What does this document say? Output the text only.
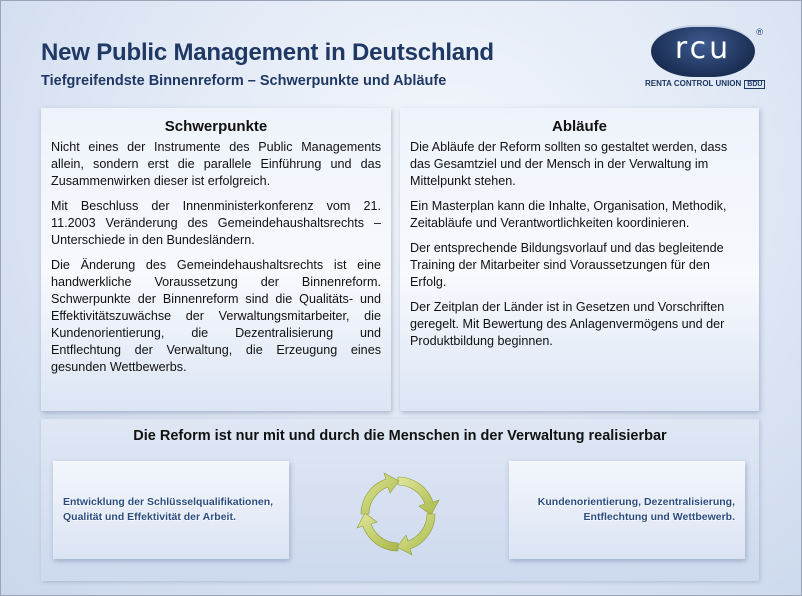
New Public Management in Deutschland
Tiefgreifendste Binnenreform – Schwerpunkte und Abläufe
rcu	®
RENTA CONTROL UNION BDU
Schwerpunkte

Nicht eines der Instrumente des Public Managements allein, sondern erst die parallele Einführung und das Zusammenwirken dieser ist erfolgreich.

Mit Beschluss der Innenministerkonferenz vom 21. 11.2003 Veränderung des Gemeindehaushaltsrechts – Unterschiede in den Bundesländern.

Die Änderung des Gemeindehaushaltsrechts ist eine handwerkliche Voraussetzung der Binnenreform. Schwerpunkte der Binnenreform sind die Qualitäts- und Effektivitätszuwächse der Verwaltungsmitarbeiter, die Kundenorientierung, die Dezentralisierung und Entflechtung der Verwaltung, die Erzeugung eines gesunden Wettbewerbs.

Abläufe

Die Abläufe der Reform sollten so gestaltet werden, dass das Gesamtziel und der Mensch in der Verwaltung im Mittelpunkt stehen.

Ein Masterplan kann die Inhalte, Organisation, Methodik, Zeitabläufe und Verantwortlichkeiten koordinieren.

Der entsprechende Bildungsvorlauf und das begleitende Training der Mitarbeiter sind Voraussetzungen für den Erfolg.

Der Zeitplan der Länder ist in Gesetzen und Vorschriften geregelt. Mit Bewertung des Anlagenvermögens und der Produktbildung beginnen.

Die Reform ist nur mit und durch die Menschen in der Verwaltung realisierbar
Entwicklung der Schlüsselqualifikationen, Qualität und Effektivität der Arbeit.
Kundenorientierung, Dezentralisierung, Entflechtung und Wettbewerb.
